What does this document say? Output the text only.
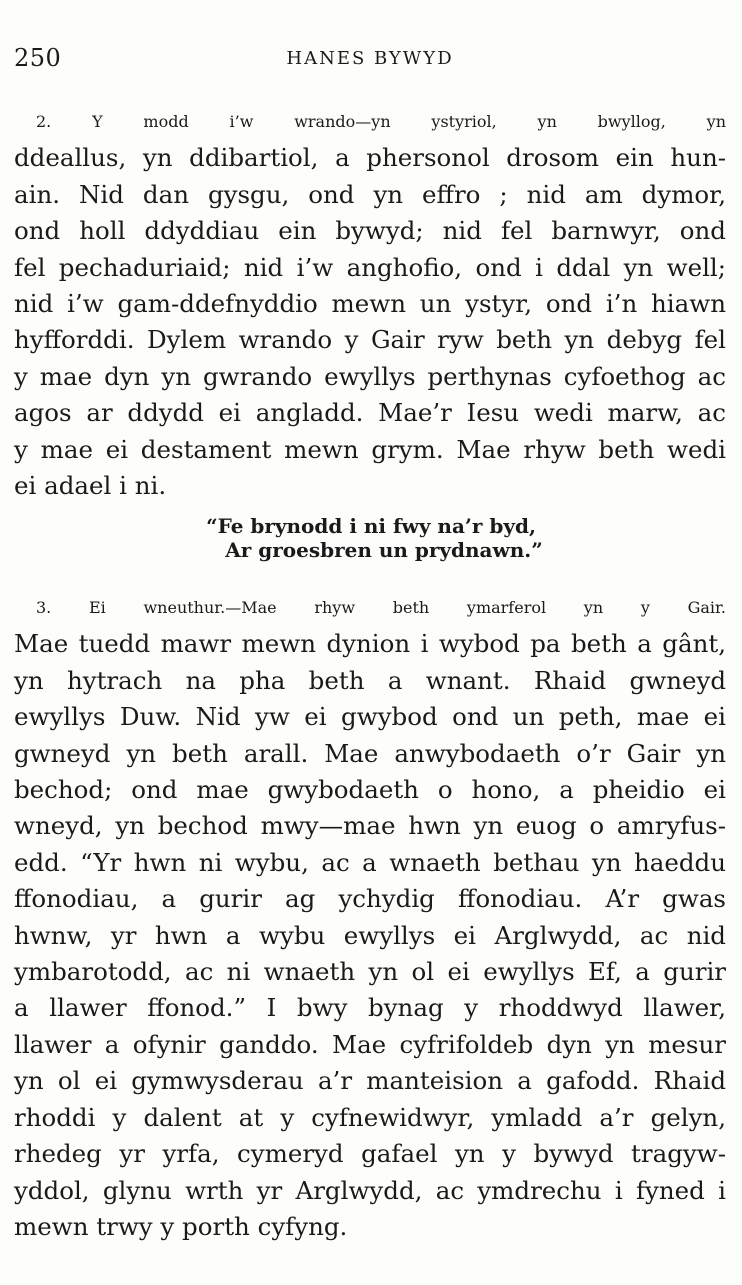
250	HANES BYWYD
2. Y modd i’w wrando—yn ystyriol, yn bwyllog, yn
ddeallus, yn ddibartiol, a phersonol drosom ein hun-
ain. Nid dan gysgu, ond yn effro ; nid am dymor,
ond holl ddyddiau ein bywyd; nid fel barnwyr, ond
fel pechaduriaid; nid i’w anghofio, ond i ddal yn well;
nid i’w gam-ddefnyddio mewn un ystyr, ond i’n hiawn
hyfforddi. Dylem wrando y Gair ryw beth yn debyg fel
y mae dyn yn gwrando ewyllys perthynas cyfoethog ac
agos ar ddydd ei angladd. Mae’r Iesu wedi marw, ac
y mae ei destament mewn grym. Mae rhyw beth wedi
ei adael i ni.
“Fe brynodd i ni fwy na’r byd,
Ar groesbren un prydnawn.”
3. Ei wneuthur.—Mae rhyw beth ymarferol yn y Gair.
Mae tuedd mawr mewn dynion i wybod pa beth a gânt,
yn hytrach na pha beth a wnant. Rhaid gwneyd
ewyllys Duw. Nid yw ei gwybod ond un peth, mae ei
gwneyd yn beth arall. Mae anwybodaeth o’r Gair yn
bechod; ond mae gwybodaeth o hono, a pheidio ei
wneyd, yn bechod mwy—mae hwn yn euog o amryfus-
edd. “Yr hwn ni wybu, ac a wnaeth bethau yn haeddu
ffonodiau, a gurir ag ychydig ffonodiau. A’r gwas
hwnw, yr hwn a wybu ewyllys ei Arglwydd, ac nid
ymbarotodd, ac ni wnaeth yn ol ei ewyllys Ef, a gurir
a llawer ffonod.” I bwy bynag y rhoddwyd llawer,
llawer a ofynir ganddo. Mae cyfrifoldeb dyn yn mesur
yn ol ei gymwysderau a’r manteision a gafodd. Rhaid
rhoddi y dalent at y cyfnewidwyr, ymladd a’r gelyn,
rhedeg yr yrfa, cymeryd gafael yn y bywyd tragyw-
yddol, glynu wrth yr Arglwydd, ac ymdrechu i fyned i
mewn trwy y porth cyfyng.
